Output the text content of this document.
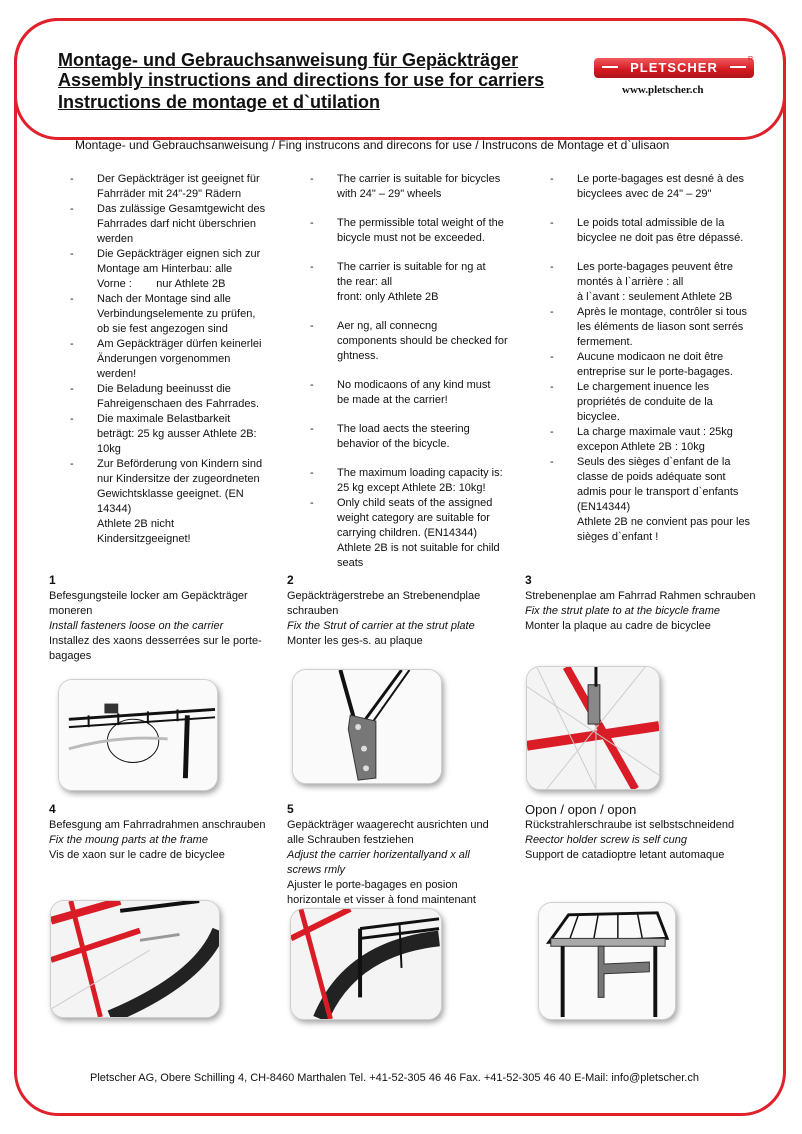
Montage- und Gebrauchsanweisung für Gepäckträger
Assembly instructions and directions for use for carriers
Instructions de montage et d`utilation
PLETSCHER
R
www.pletscher.ch
Montage- und Gebrauchsanweisung / Fing instrucons and direcons for use / Instrucons de Montage et d`ulisaon
- Der Gepäckträger ist geeignet für
Fahrräder mit 24"-29" Rädern
- Das zulässige Gesamtgewicht des
Fahrrades darf nicht überschrien
werden
- Die Gepäckträger eignen sich zur
Montage am Hinterbau: alle
Vorne :        nur Athlete 2B
- Nach der Montage sind alle
Verbindungselemente zu prüfen,
ob sie fest angezogen sind
- Am Gepäckträger dürfen keinerlei
Änderungen vorgenommen
werden!
- Die Beladung beeinusst die
Fahreigenschaen des Fahrrades.
- Die maximale Belastbarkeit
beträgt: 25 kg ausser Athlete 2B:
10kg
- Zur Beförderung von Kindern sind
nur Kindersitze der zugeordneten
Gewichtsklasse geeignet. (EN
14344)
Athlete 2B nicht
Kindersitzgeeignet!
- The carrier is suitable for bicycles
with 24" – 29" wheels
- The permissible total weight of the
bicycle must not be exceeded.
- The carrier is suitable for ng at
the rear: all
front: only Athlete 2B
- Aer ng, all connecng
components should be checked for
ghtness.
- No modicaons of any kind must
be made at the carrier!
- The load aects the steering
behavior of the bicycle.
- The maximum loading capacity is:
25 kg except Athlete 2B: 10kg!
- Only child seats of the assigned
weight category are suitable for
carrying children. (EN14344)
Athlete 2B is not suitable for child
seats
- Le porte-bagages est desné à des
bicyclees avec de 24" – 29"
- Le poids total admissible de la
bicyclee ne doit pas être dépassé.
- Les porte-bagages peuvent être
montés à l`arrière : all
à l`avant : seulement Athlete 2B
- Après le montage, contrôler si tous
les éléments de liason sont serrés
fermement.
- Aucune modicaon ne doit être
entreprise sur le porte-bagages.
- Le chargement inuence les
propriétés de conduite de la
bicyclee.
- La charge maximale vaut : 25kg
excepon Athlete 2B : 10kg
- Seuls des sièges d`enfant de la
classe de poids adéquate sont
admis pour le transport d`enfants
(EN14344)
Athlete 2B ne convient pas pour les
sièges d`enfant !
1
Befesgungsteile locker am Gepäckträger moneren
Install fasteners loose on the carrier
Installez des xaons desserrées sur le porte-bagages
2
Gepäckträgerstrebe an Strebenendplae schrauben
Fix the Strut of carrier at the strut plate
Monter les ges-s. au plaque
3
Strebenenplae am Fahrrad Rahmen schrauben
Fix the strut plate to at the bicycle frame
Monter la plaque au cadre de bicyclee
4
Befesgung am Fahrradrahmen anschrauben
Fix the moung parts at the frame
Vis de xaon sur le cadre de bicyclee
5
Gepäckträger waagerecht ausrichten und alle Schrauben festziehen
Adjust the carrier horizentallyand x all screws rmly
Ajuster le porte-bagages en posion horizontale et visser à fond maintenant
Opon / opon / opon
Rückstrahlerschraube ist selbstschneidend
Reector holder screw is self cung
Support de catadioptre letant automaque
Pletscher AG, Obere Schilling 4, CH-8460 Marthalen Tel. +41-52-305 46 46 Fax. +41-52-305 46 40 E-Mail: info@pletscher.ch
